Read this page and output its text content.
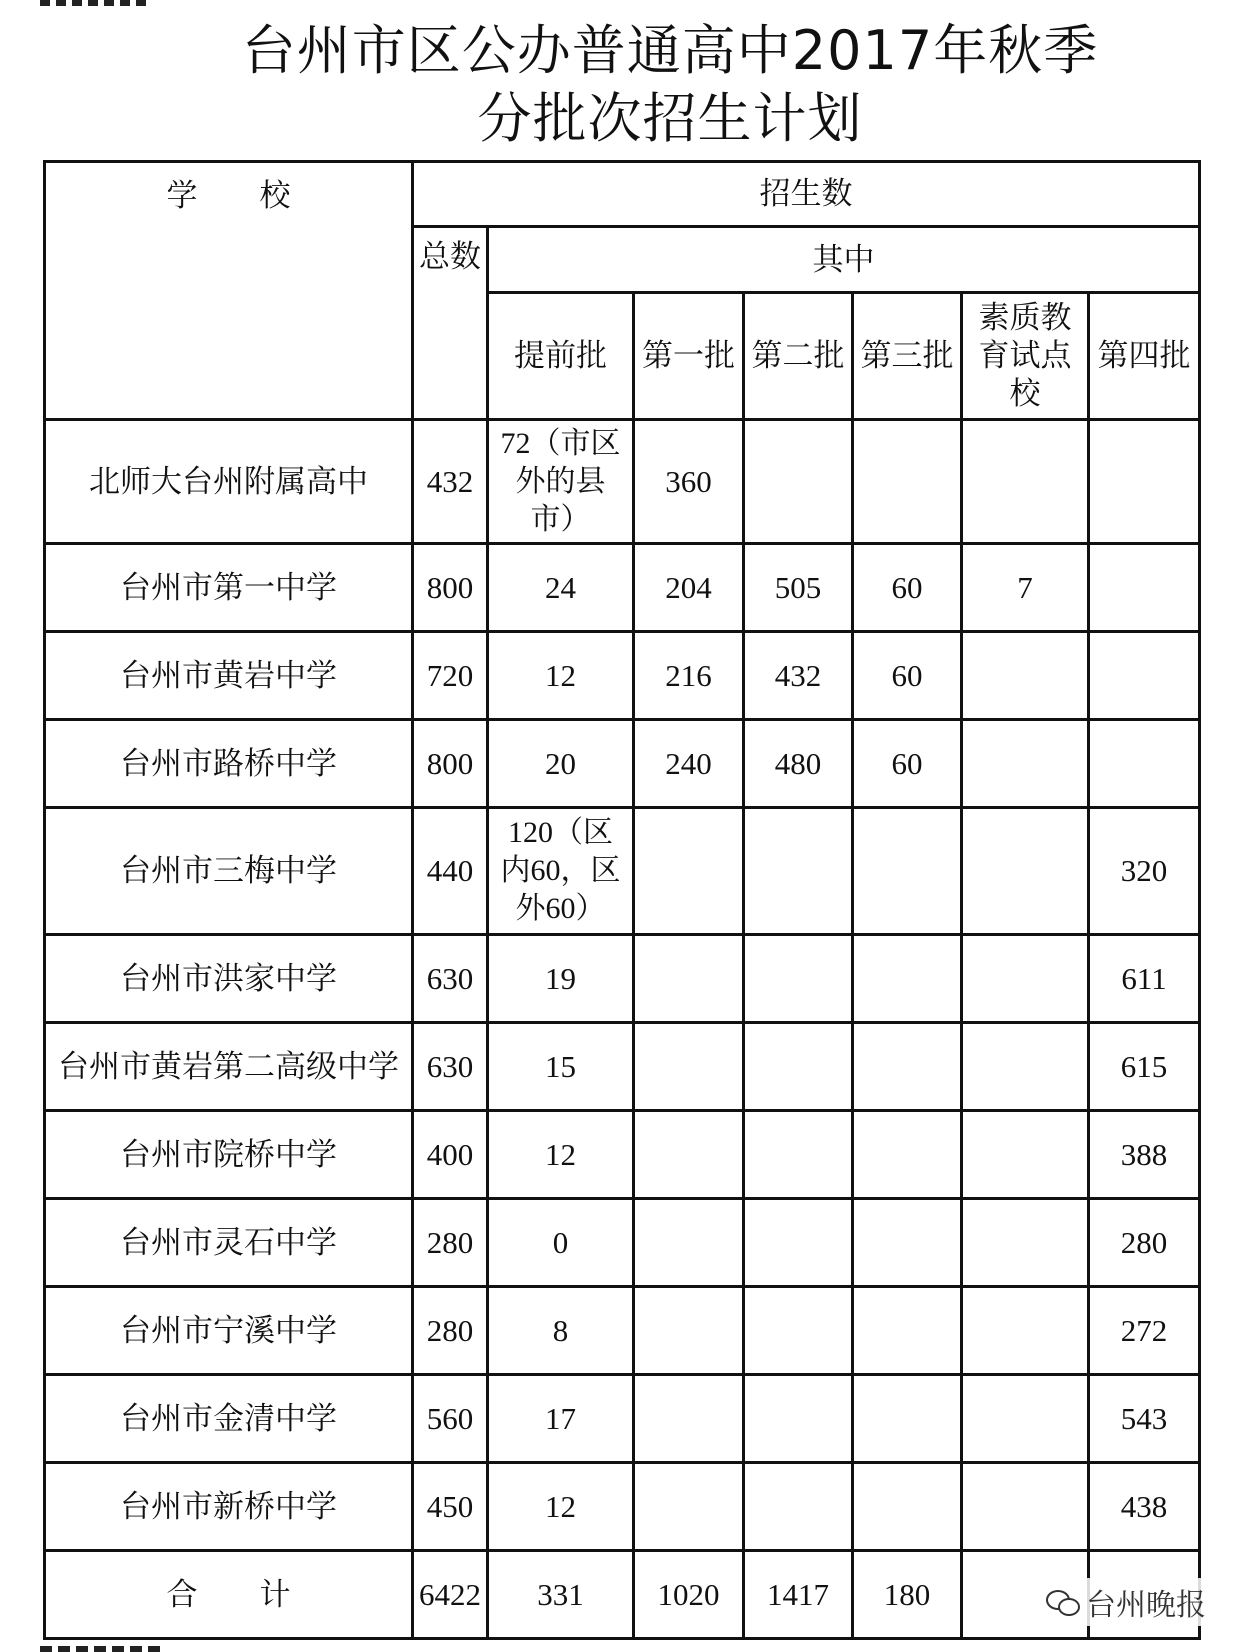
台州市区公办普通高中2017年秋季
分批次招生计划
学　　校	招生数						
	总数	其中					
		提前批	第一批	第二批	第三批	素质教育试点校	第四批
北师大台州附属高中	432	72（市区外的县市）	360				
台州市第一中学	800	24	204	505	60	7	
台州市黄岩中学	720	12	216	432	60		
台州市路桥中学	800	20	240	480	60		
台州市三梅中学	440	120（区内60，区外60）					320
台州市洪家中学	630	19					611
台州市黄岩第二高级中学	630	15					615
台州市院桥中学	400	12					388
台州市灵石中学	280	0					280
台州市宁溪中学	280	8					272
台州市金清中学	560	17					543
台州市新桥中学	450	12					438
合　　计	6422	331	1020	1417	180			台州晚报
